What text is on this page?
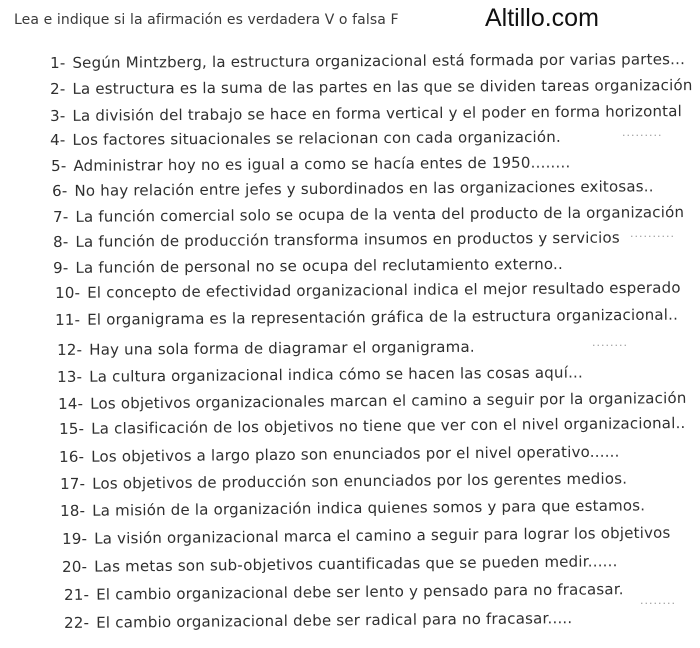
Lea e indique si la afirmación es verdadera V o falsa F	Altillo.com
1- Según Mintzberg, la estructura organizacional está formada por varias partes...
2- La estructura es la suma de las partes en las que se dividen tareas organización
3- La división del trabajo se hace en forma vertical y el poder en forma horizontal
4- Los factores situacionales se relacionan con cada organización.
5- Administrar hoy no es igual a como se hacía entes de 1950........
6- No hay relación entre jefes y subordinados en las organizaciones exitosas..
7- La función comercial solo se ocupa de la venta del producto de la organización
8- La función de producción transforma insumos en productos y servicios
9- La función de personal no se ocupa del reclutamiento externo..
10- El concepto de efectividad organizacional indica el mejor resultado esperado
11- El organigrama es la representación gráfica de la estructura organizacional..
12- Hay una sola forma de diagramar el organigrama.
13- La cultura organizacional indica cómo se hacen las cosas aquí...
14- Los objetivos organizacionales marcan el camino a seguir por la organización
15- La clasificación de los objetivos no tiene que ver con el nivel organizacional..
16- Los objetivos a largo plazo son enunciados por el nivel operativo......
17- Los objetivos de producción son enunciados por los gerentes medios.
18- La misión de la organización indica quienes somos y para que estamos.
19- La visión organizacional marca el camino a seguir para lograr los objetivos
20- Las metas son sub-objetivos cuantificadas que se pueden medir......
21- El cambio organizacional debe ser lento y pensado para no fracasar.
22- El cambio organizacional debe ser radical para no fracasar.....
.........
..........
........
........
